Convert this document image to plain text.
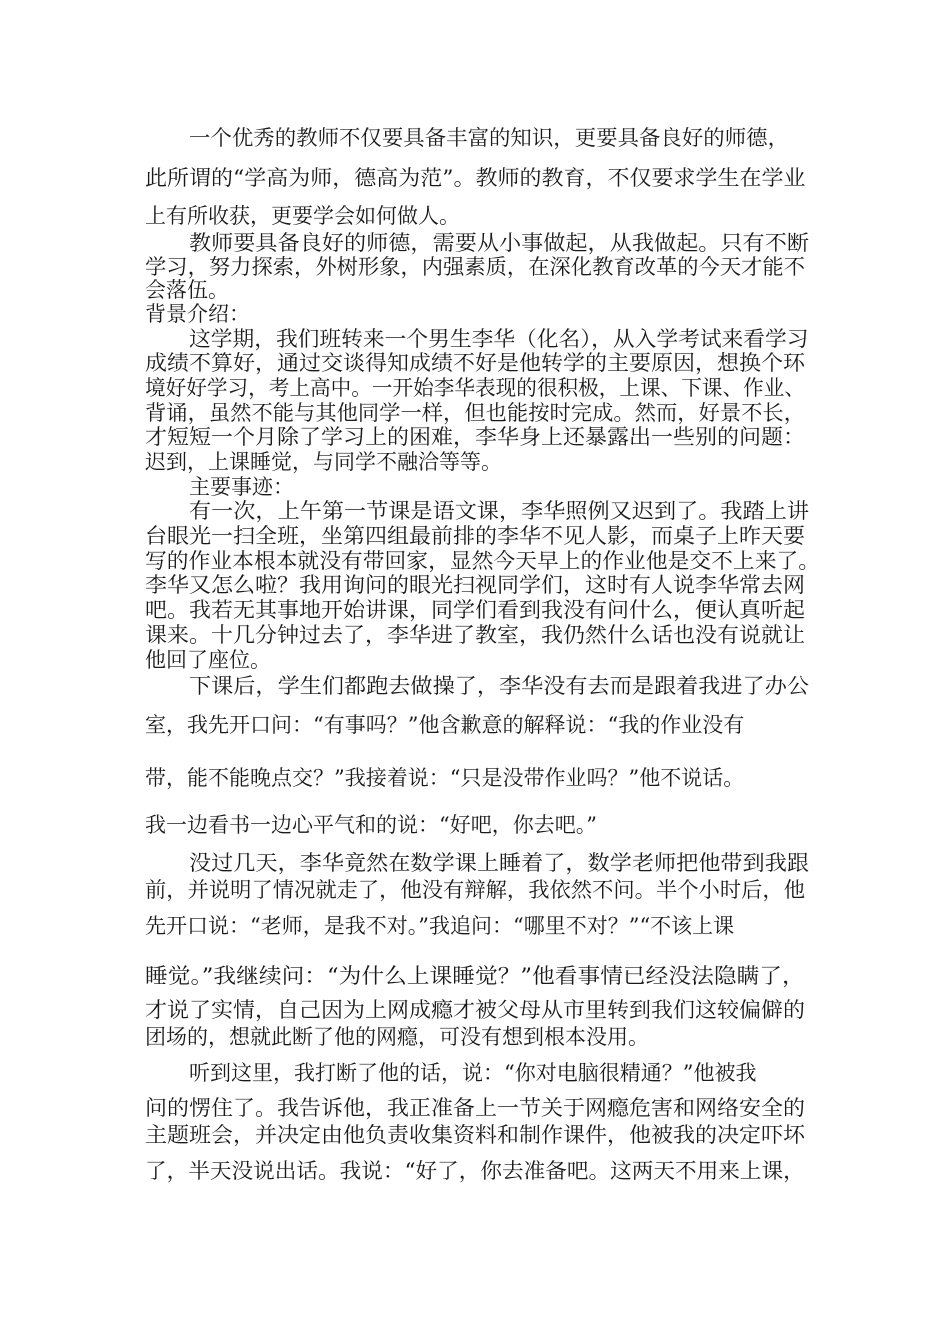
一个优秀的教师不仅要具备丰富的知识，更要具备良好的师德，
此所谓的“学高为师，德高为范”。教师的教育，不仅要求学生在学业
上有所收获，更要学会如何做人。
教师要具备良好的师德，需要从小事做起，从我做起。只有不断
学习，努力探索，外树形象，内强素质，在深化教育改革的今天才能不
会落伍。
背景介绍：
这学期，我们班转来一个男生李华（化名），从入学考试来看学习
成绩不算好，通过交谈得知成绩不好是他转学的主要原因，想换个环
境好好学习，考上高中。一开始李华表现的很积极，上课、下课、作业、
背诵，虽然不能与其他同学一样，但也能按时完成。然而，好景不长，
才短短一个月除了学习上的困难，李华身上还暴露出一些别的问题：
迟到，上课睡觉，与同学不融洽等等。
主要事迹：
有一次，上午第一节课是语文课，李华照例又迟到了。我踏上讲
台眼光一扫全班，坐第四组最前排的李华不见人影，而桌子上昨天要
写的作业本根本就没有带回家，显然今天早上的作业他是交不上来了。
李华又怎么啦？我用询问的眼光扫视同学们，这时有人说李华常去网
吧。我若无其事地开始讲课，同学们看到我没有问什么，便认真听起
课来。十几分钟过去了，李华进了教室，我仍然什么话也没有说就让
他回了座位。
下课后，学生们都跑去做操了，李华没有去而是跟着我进了办公
室，我先开口问：“有事吗？”他含歉意的解释说：“我的作业没有
带，能不能晚点交？”我接着说：“只是没带作业吗？”他不说话。
我一边看书一边心平气和的说：“好吧，你去吧。”
没过几天，李华竟然在数学课上睡着了，数学老师把他带到我跟
前，并说明了情况就走了，他没有辩解，我依然不问。半个小时后，他
先开口说：“老师，是我不对。”我追问：“哪里不对？”“不该上课
睡觉。”我继续问：“为什么上课睡觉？”他看事情已经没法隐瞒了，
才说了实情，自己因为上网成瘾才被父母从市里转到我们这较偏僻的
团场的，想就此断了他的网瘾，可没有想到根本没用。
听到这里，我打断了他的话，说：“你对电脑很精通？”他被我
问的愣住了。我告诉他，我正准备上一节关于网瘾危害和网络安全的
主题班会，并决定由他负责收集资料和制作课件，他被我的决定吓坏
了，半天没说出话。我说：“好了，你去准备吧。这两天不用来上课，
